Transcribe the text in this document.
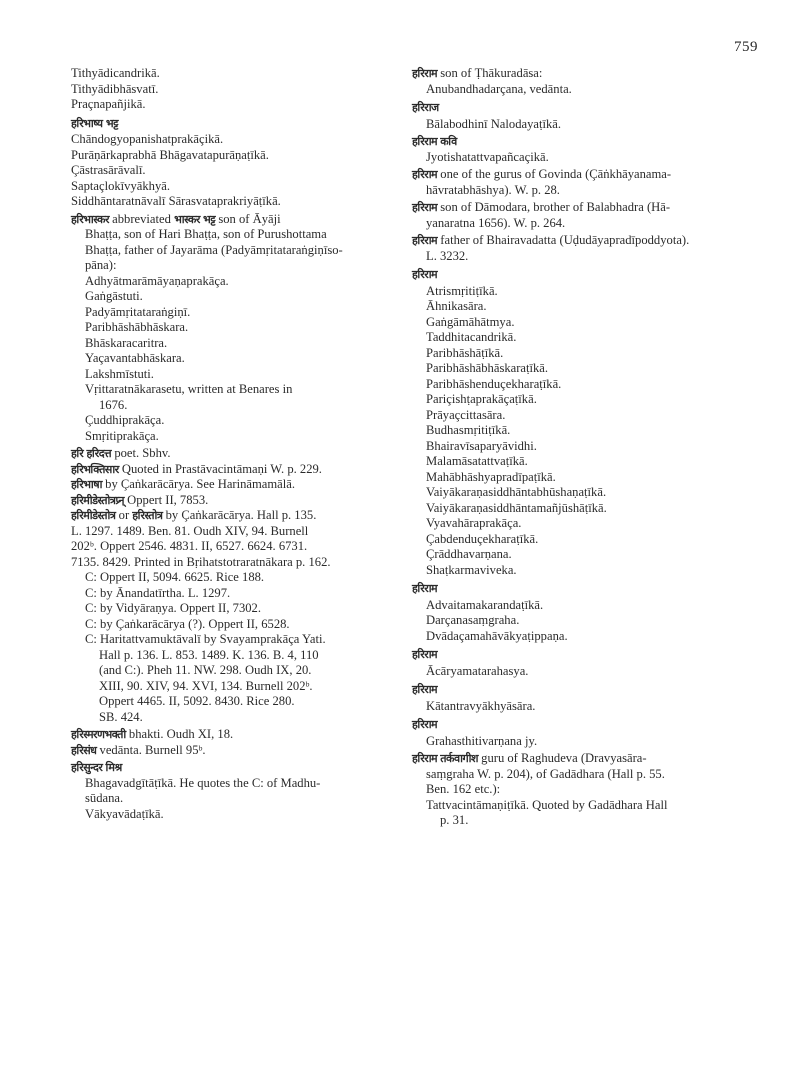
759
Tithyādicandrikā.
Tithyādibhāsvatī.
Praçnapañjikā.
हरिभाष्य भट्ट
Chāndogyopanishatprakāçikā.
Purāṇārkaprabhā Bhāgavatapurāṇaṭīkā.
Çāstrasārāvalī.
Saptaçlokīvyākhyā.
Siddhāntaratnāvalī Sārasvataprakriyāṭīkā.
हरिभास्कर abbreviated भास्कर भट्ट son of Āyāji
Bhaṭṭa, son of Hari Bhaṭṭa, son of Purushottama
Bhaṭṭa, father of Jayarāma (Padyāmṛitataraṅgiṇīso-
pāna):
Adhyātmarāmāyaṇaprakāça.
Gaṅgāstuti.
Padyāmṛitataraṅgiṇī.
Paribhāshābhāskara.
Bhāskaracaritra.
Yaçavantabhāskara.
Lakshmīstuti.
Vṛittaratnākarasetu, written at Benares in
1676.
Çuddhiprakāça.
Smṛitiprakāça.
हरि हरिदत्त poet. Sbhv.
हरिभक्तिसार Quoted in Prastāvacintāmaṇi W. p. 229.
हरिभाषा by Çaṅkarācārya. See Harināmamālā.
हरिमीडेस्तोत्रप्र्न् Oppert II, 7853.
हरिमीडेस्तोत्र or हरिस्तोत्र by Çaṅkarācārya. Hall p. 135.
L. 1297. 1489. Ben. 81. Oudh XIV, 94. Burnell
202ᵇ. Oppert 2546. 4831. II, 6527. 6624. 6731.
7135. 8429. Printed in Bṛihatstotraratnākara p. 162.
C: Oppert II, 5094. 6625. Rice 188.
C: by Ānandatīrtha. L. 1297.
C: by Vidyāraṇya. Oppert II, 7302.
C: by Çaṅkarācārya (?). Oppert II, 6528.
C: Haritattvamuktāvalī by Svayamprakāça Yati.
Hall p. 136. L. 853. 1489. K. 136. B. 4, 110
(and C:). Pheh 11. NW. 298. Oudh IX, 20.
XIII, 90. XIV, 94. XVI, 134. Burnell 202ᵇ.
Oppert 4465. II, 5092. 8430. Rice 280.
SB. 424.
हरिस्मरणभक्ती bhakti. Oudh XI, 18.
हरिसंध vedānta. Burnell 95ᵇ.
हरिसुन्दर मिश्र
Bhagavadgītāṭīkā. He quotes the C: of Madhu-
sūdana.
Vākyavādaṭīkā.
हरिराम son of Ṭhākuradāsa:
Anubandhadarçana, vedānta.
हरिराज
Bālabodhinī Nalodayaṭīkā.
हरिराम कवि
Jyotishatattvapañcaçikā.
हरिराम one of the gurus of Govinda (Çāṅkhāyanama-
hāvratabhāshya). W. p. 28.
हरिराम son of Dāmodara, brother of Balabhadra (Hā-
yanaratna 1656). W. p. 264.
हरिराम father of Bhairavadatta (Uḍudāyapradīpoddyota).
L. 3232.
हरिराम
Atrismṛitiṭīkā.
Āhnikasāra.
Gaṅgāmāhātmya.
Taddhitacandrikā.
Paribhāshāṭīkā.
Paribhāshābhāskaraṭīkā.
Paribhāshenduçekharaṭīkā.
Pariçishṭaprakāçaṭīkā.
Prāyaçcittasāra.
Budhasmṛitiṭīkā.
Bhairavīsaparyāvidhi.
Malamāsatattvaṭīkā.
Mahābhāshyapradīpaṭīkā.
Vaiyākaraṇasiddhāntabhūshaṇaṭīkā.
Vaiyākaraṇasiddhāntamañjūshāṭīkā.
Vyavahāraprakāça.
Çabdenduçekharaṭīkā.
Çrāddhavarṇana.
Shaṭkarmaviveka.
हरिराम
Advaitamakarandaṭīkā.
Darçanasaṃgraha.
Dvādaçamahāvākyaṭippaṇa.
हरिराम
Ācāryamatarahasya.
हरिराम
Kātantravyākhyāsāra.
हरिराम
Grahasthitivarṇana jy.
हरिराम तर्कवागीश guru of Raghudeva (Dravyasāra-
saṃgraha W. p. 204), of Gadādhara (Hall p. 55.
Ben. 162 etc.):
Tattvacintāmaṇiṭīkā. Quoted by Gadādhara Hall
p. 31.
